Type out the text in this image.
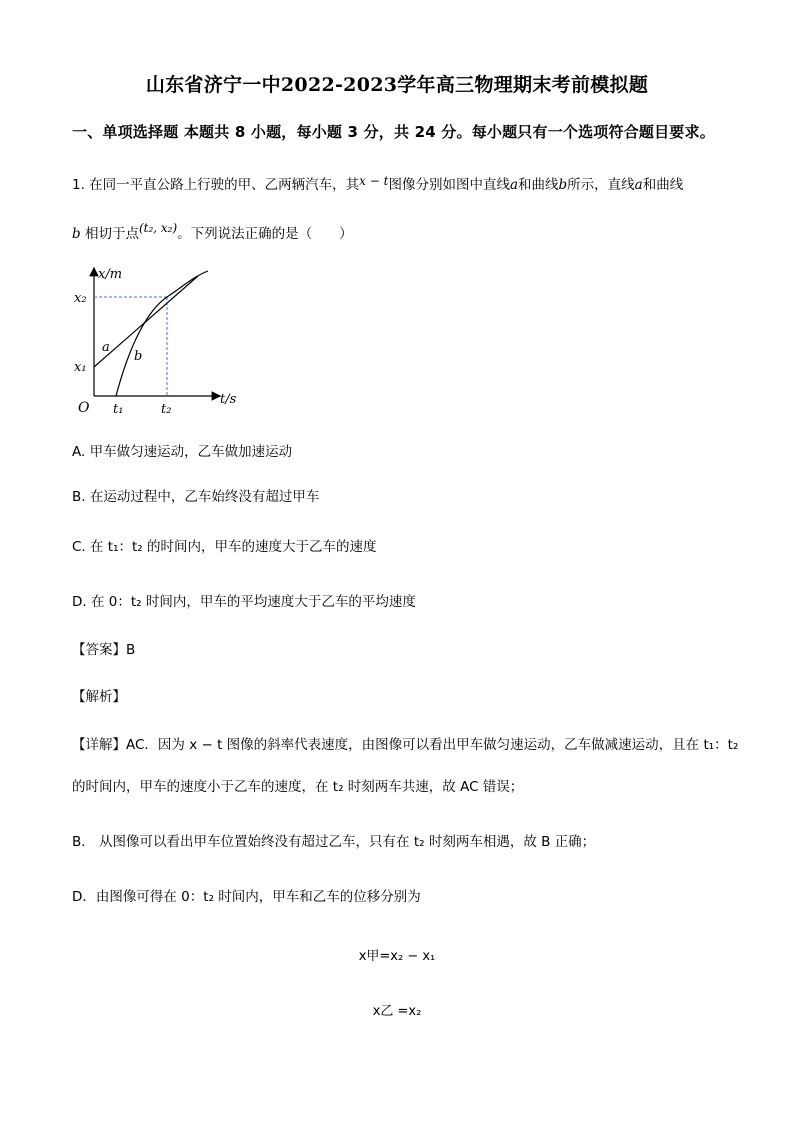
山东省济宁一中2022-2023学年高三物理期末考前模拟题
一、单项选择题 本题共 8 小题，每小题 3 分，共 24 分。每小题只有一个选项符合题目要求。
1. 在同一平直公路上行驶的甲、乙两辆汽车，其x − t图像分别如图中直线a和曲线b所示，直线a和曲线
b 相切于点(t₂, x₂)。下列说法正确的是（　　）
x/m
t/s
O t₁	t₂
x₁
x₂
a
b
A. 甲车做匀速运动，乙车做加速运动
B. 在运动过程中，乙车始终没有超过甲车
C. 在 t₁：t₂ 的时间内，甲车的速度大于乙车的速度
D. 在 0：t₂ 时间内，甲车的平均速度大于乙车的平均速度
【答案】B
【解析】
【详解】AC．因为 x − t 图像的斜率代表速度，由图像可以看出甲车做匀速运动，乙车做减速运动，且在 t₁：t₂
的时间内，甲车的速度小于乙车的速度，在 t₂ 时刻两车共速，故 AC 错误；
B． 从图像可以看出甲车位置始终没有超过乙车，只有在 t₂ 时刻两车相遇，故 B 正确；
D．由图像可得在 0：t₂ 时间内，甲车和乙车的位移分别为
x甲=x₂ − x₁
x乙 =x₂
